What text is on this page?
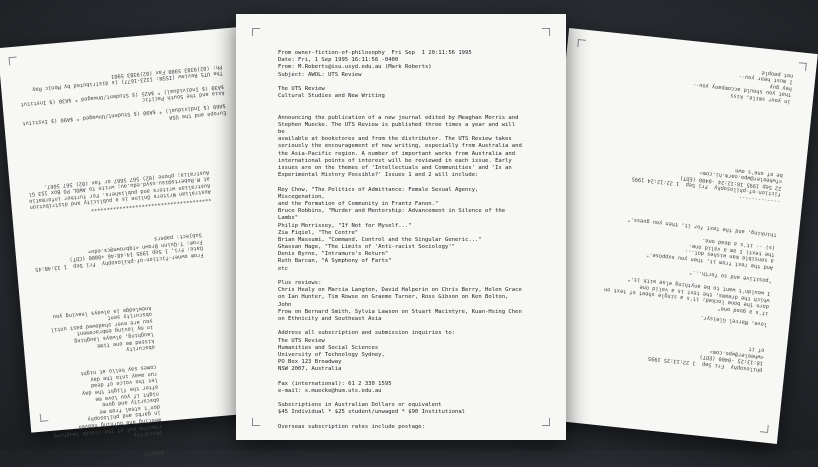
papers

obscurity
reaches out of the clouds laughing
meeting and burning heaven
in garbs and philosophy
don't steal from me
obscurity and gone
night if you love me
after the flight the day
let the voice of dead
run away into the day
comes say hello at night

obscurity
kissed me one time
laughing, always laughing
in my loving embracement
you are ever shadowed past until
obscurity sent
knowledge is always leaving you
From owner-fiction-of-philosophy  Fri Sep  1 13:48:45
Date: Fri, 1 Sep 1995 14:48:46 +0800 (CDT)
From: T-Quinn Brown <tqbrown@cs.edu>
Subject: papers
**************************************
Australian Writers Online is a publicity and distribution
Australian writers and publishers. For further informatio
at M.Roberts@isu.usyd.edu.au; write to AWOL PO Box 153 Gl
Australia; phone (02) 567 5667 or fax (02) 567 5667.
Europe and the USA
$A60 ($ Individual) * $A90 ($ Student/Unwaged * $A90 ($ Institut

Asia and the South Pacific
$A30 ($ Individual) * $A25 ($ Student/Unwaged * $A30 ($ Institut

The UTS Review (ISSN: 1323-1677) is distributed by Monic Ray
Ph: (02)9383 5900 Fax (02)9383 5901
philosophy  Fri Sep  1 22:13:25 1995
18:13:25 -0400 (EDT)
<wheeler@wpo.com>
of it

love, Marcel Gleisyr.
it's a good one"
dorn the bone locked; it's a single sheet of text on
which the dreams, the text is a valid one
I wouldn't want to be anything else with it."

"positive and so forth..."

And the rest from it, then you suppose."
a sensible man wishes dot...
the text) I am a valid one.
(s) -- it's a dead one.

thinking, and the text for it, then you guess."
-------------
fiction-of-philosophy  Fri Sep  1 22:12:24 1995
22 Sep 1995 18:12:24 -0400 (EDT)
<fwheeler@wpo.oarm.hi.com>
be of one's own
in your smile, kiss
that you should accompany you--
hey guy
I must hear you--
not people
From owner-fiction-of-philosophy  Fri Sep  1 20:11:56 1995
Date: Fri, 1 Sep 1995 16:11:56 -0400
From: M.Roberts@isu.usyd.edu.au (Mark Roberts)
Subject: AWOL: UTS Review
The UTS Review
Cultural Studies and New Writing
Announcing the publication of a new journal edited by Meaghan Morris and
Stephen Muecke. The UTS Review is published three times a year and will
be
available at bookstores and from the distributor. The UTS Review takes
seriously the encouragement of new writing, especially from Australia and
the Asia-Pacific region. A number of important works from Australia and
international points of interest will be reviewed in each issue. Early
issues are on the themes of 'Intellectuals and Communities' and 'Is an
Experimental History Possible?' Issues 1 and 2 will include:
Rey Chow, "The Politics of Admittance: Female Sexual Agency,
Miscegenation,
and the Formation of Community in Frantz Fanon."
Bruce Robbins, "Murder and Mentorship: Advancement in Silence of the
Lambs"
Philip Morrissey, "If Not for Myself..."
Zia Fiqiel, "The Centre"
Brian Massumi, "Command, Control and the Singular Generic..."
Ghassan Hage, "The Limits of 'Anti-racist Sociology'"
Denis Byrne, "Intramuro's Return"
Ruth Barcan, "A Symphony of Farts"
etc
Plus reviews:
Chris Healy on Marcia Langton, David Halperin on Chris Berry, Helen Grace
on Ian Hunter, Tim Rowse on Graeme Turner, Ross Gibson on Ken Bolton,
John
Frow on Bernard Smith, Sylvia Lawson on Stuart Macintyre, Kuan-Hsing Chen
on Ethnicity and Southeast Asia
Address all subscription and submission inquiries to:
The UTS Review
Humanities and Social Sciences
University of Technology Sydney,
PO Box 123 Broadway
NSW 2007, Australia
Fax (international): 61 2 330 1595
e-mail: s.muecke@hum.uts.edu.au
Subscriptions in Australian Dollars or equivalent
$45 Individual * $25 student/unwaged * $90 Institutional
Overseas subscription rates include postage:
